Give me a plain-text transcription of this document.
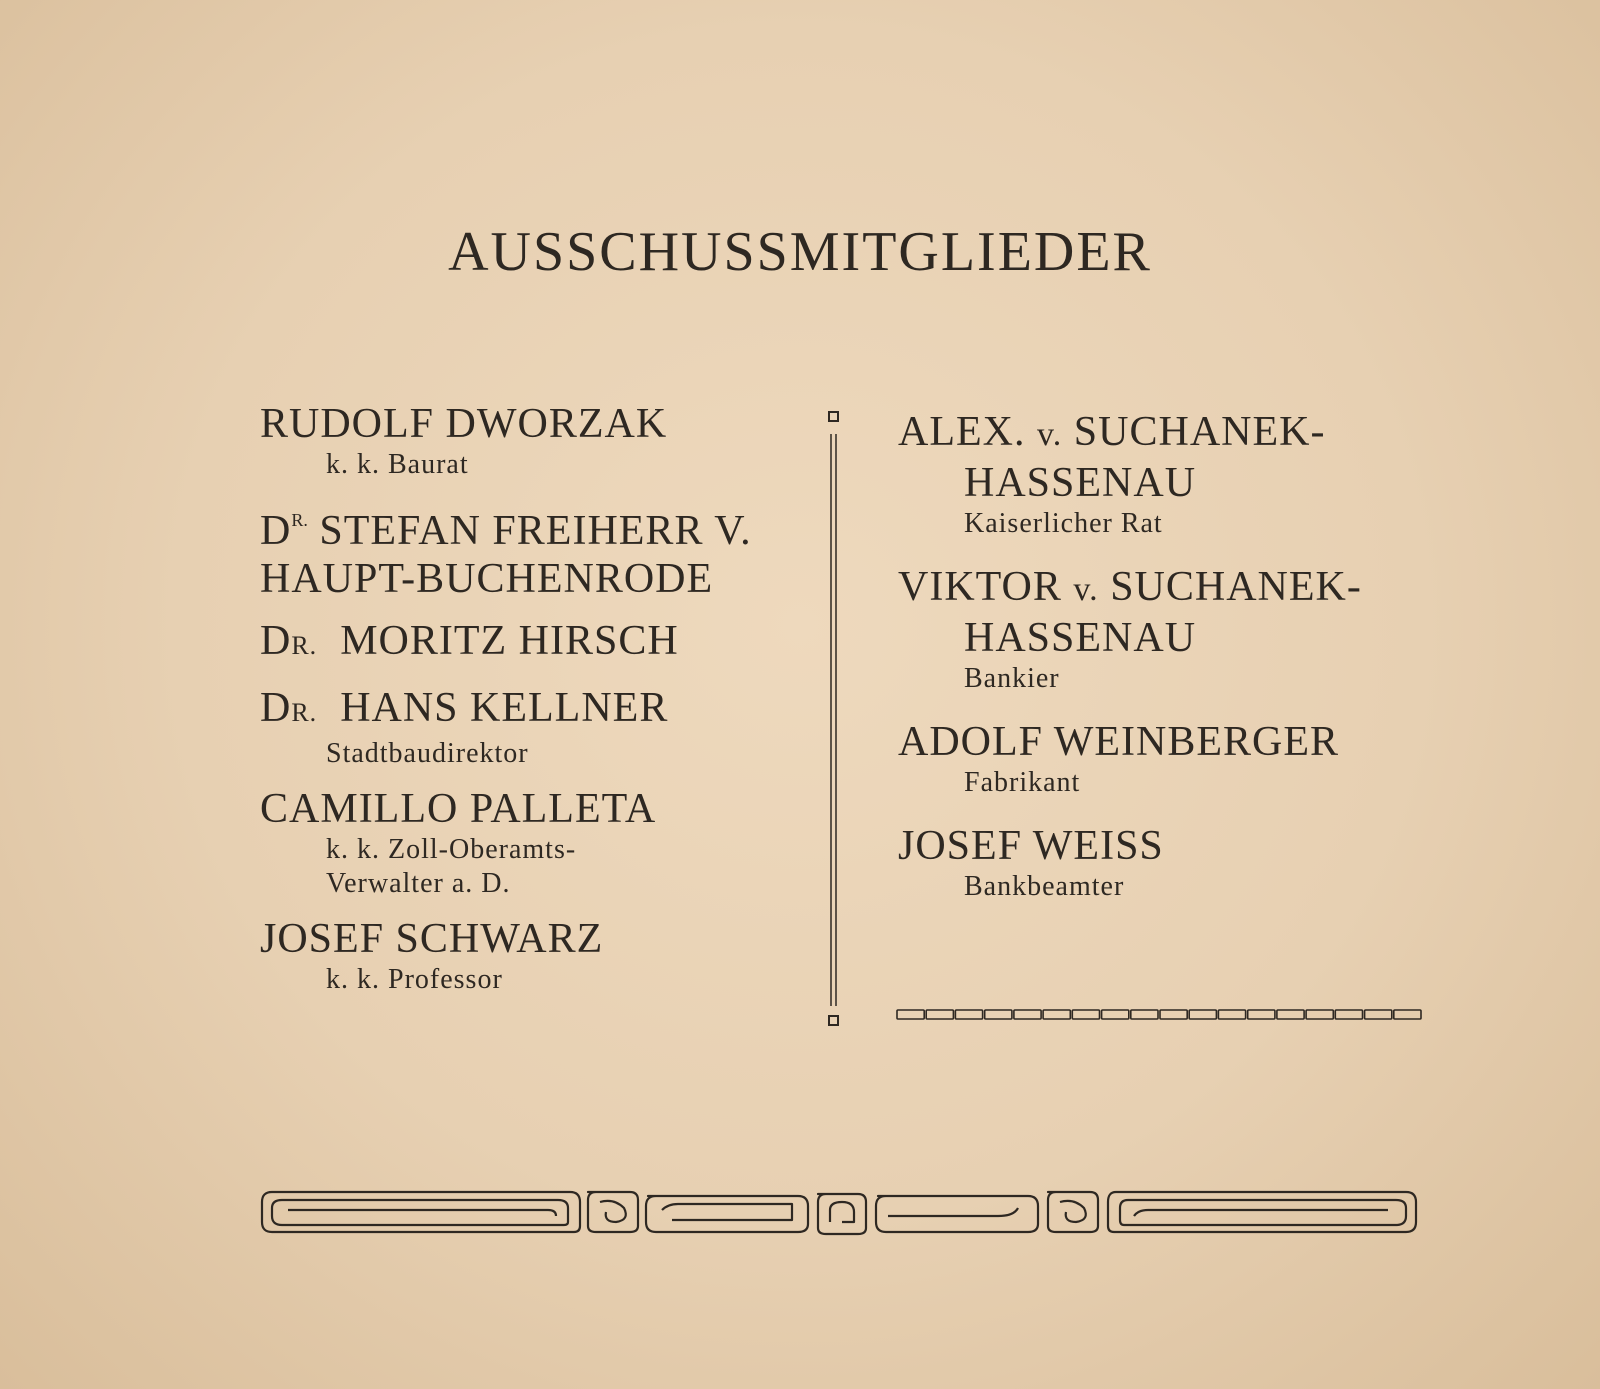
AUSSCHUSSMITGLIEDER

RUDOLF DWORZAK

k. k. Baurat

$D^{R.}$ STEFAN FREIHERR V.

HAUPT-BUCHENRODE

DR. MORITZ HIRSCH

DR. HANS KELLNER

Stadtbaudirektor

CAMILLO PALLETA

k. k. Zoll-Oberamts-

Verwalter a. D.

JOSEF SCHWARZ

k. k. Professor

ALEX. v. SUCHANEK-
HASSENAU

Kaiserlicher Rat

VIKTOR v. SUCHANEK-
HASSENAU

Bankier

ADOLF WEINBERGER

Fabrikant

JOSEF WEISS

Bankbeamter
